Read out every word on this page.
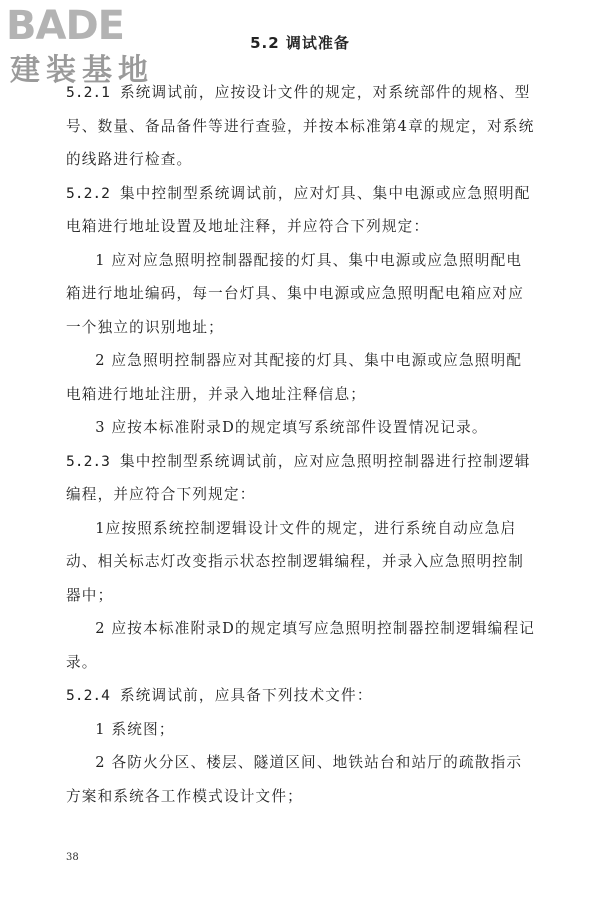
BADE
建装基地
5.2 调试准备

5.2.1 系统调试前，应按设计文件的规定，对系统部件的规格、型号、数量、备品备件等进行查验，并按本标准第4章的规定，对系统的线路进行检查。

5.2.2 集中控制型系统调试前，应对灯具、集中电源或应急照明配电箱进行地址设置及地址注释，并应符合下列规定：

1 应对应急照明控制器配接的灯具、集中电源或应急照明配电箱进行地址编码，每一台灯具、集中电源或应急照明配电箱应对应一个独立的识别地址；

2 应急照明控制器应对其配接的灯具、集中电源或应急照明配电箱进行地址注册，并录入地址注释信息；

3 应按本标准附录D的规定填写系统部件设置情况记录。

5.2.3 集中控制型系统调试前，应对应急照明控制器进行控制逻辑编程，并应符合下列规定：

1应按照系统控制逻辑设计文件的规定，进行系统自动应急启动、相关标志灯改变指示状态控制逻辑编程，并录入应急照明控制器中；

2 应按本标准附录D的规定填写应急照明控制器控制逻辑编程记录。

5.2.4 系统调试前，应具备下列技术文件：

1 系统图；

2 各防火分区、楼层、隧道区间、地铁站台和站厅的疏散指示方案和系统各工作模式设计文件；

38
